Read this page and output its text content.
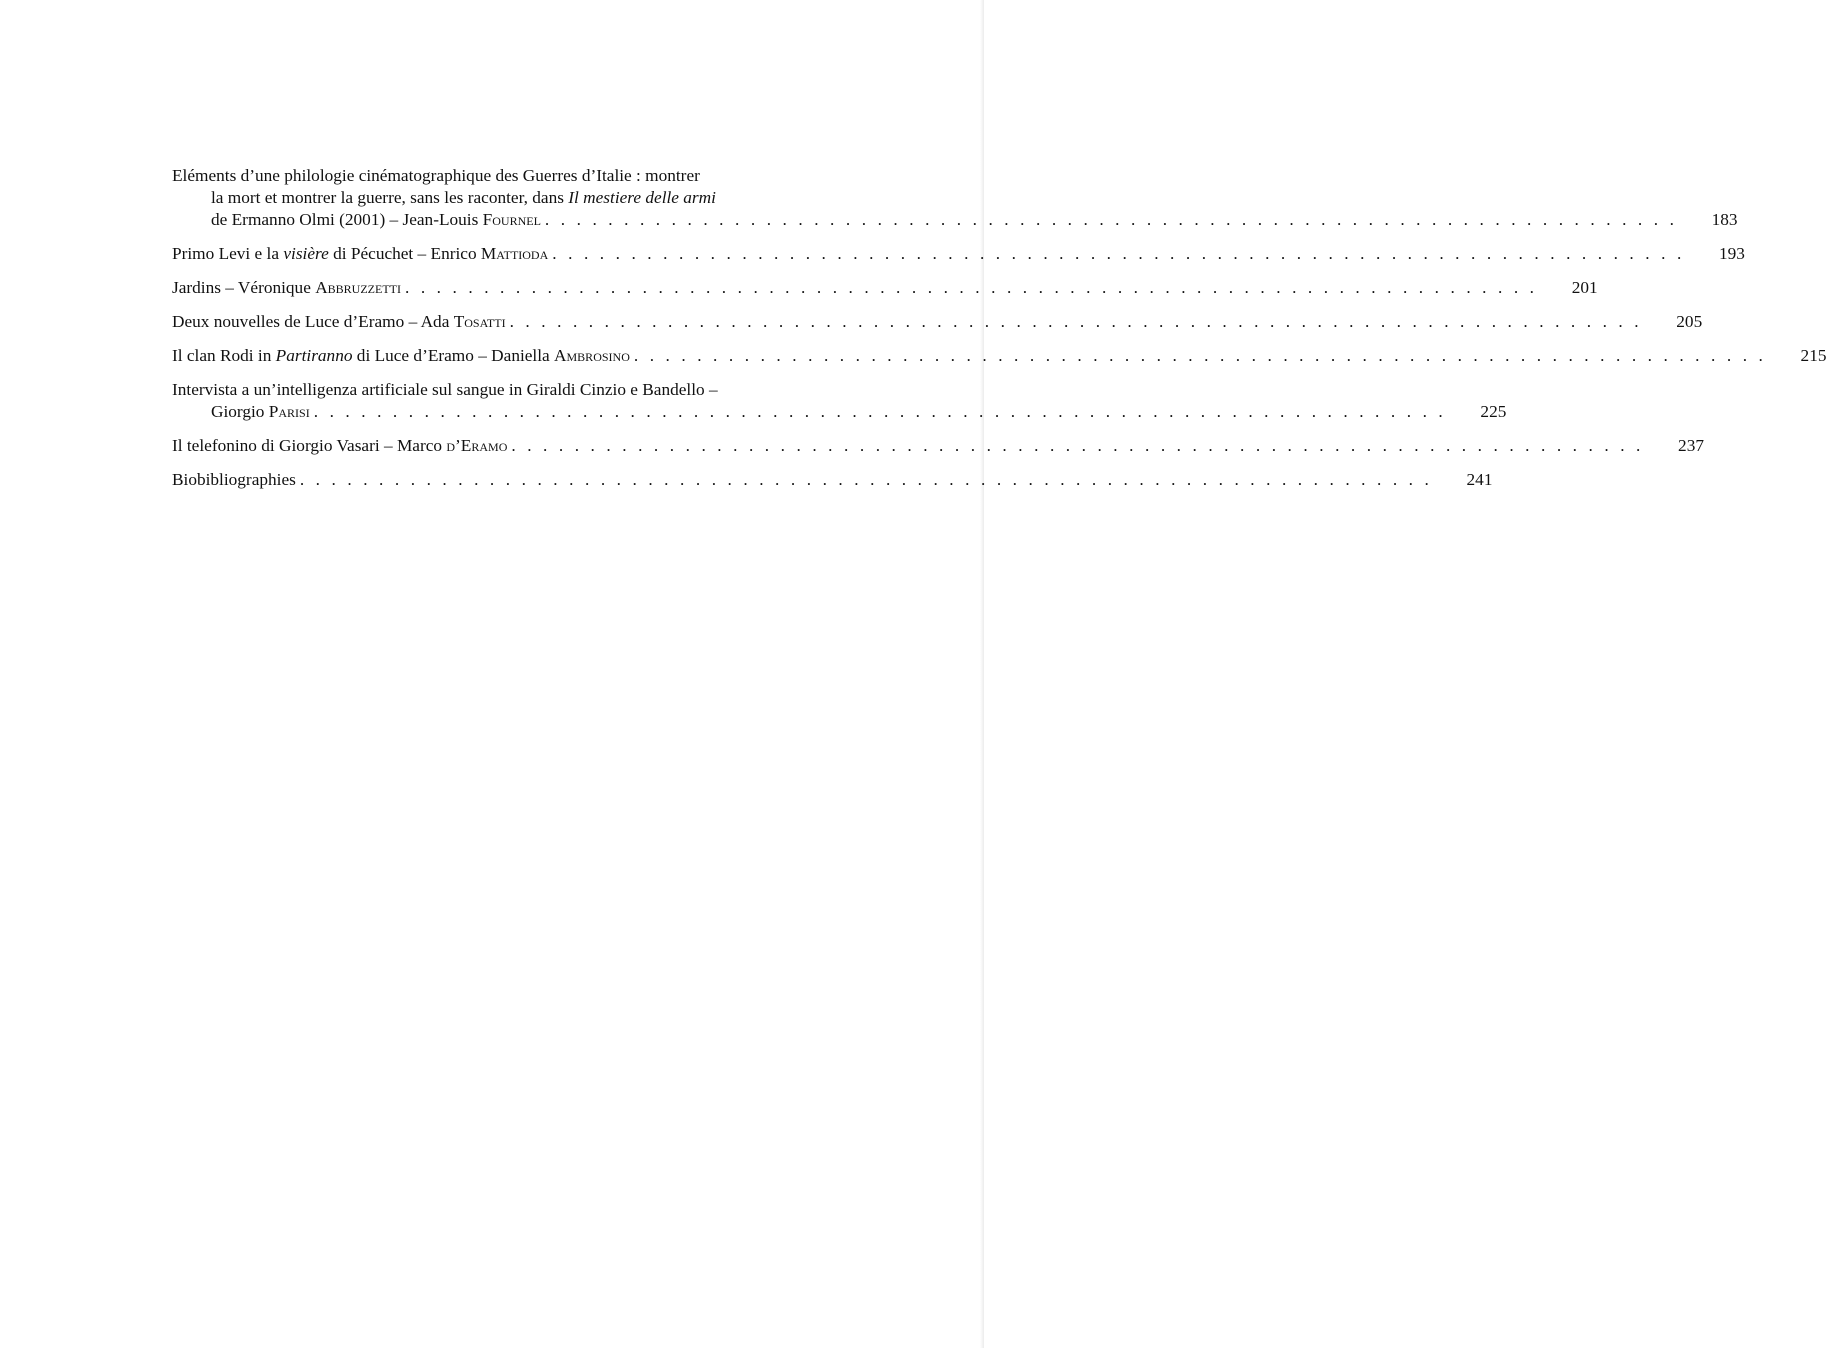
Eléments d’une philologie cinématographique des Guerres d’Italie : montrer
la mort et montrer la guerre, sans les raconter, dans Il mestiere delle armi
de Ermanno Olmi (2001) – Jean-Louis Fournel . . . . . . . . . . . . . . . . . . . . . . . . . . . . . . . . . . . . . . . . . . . . . . . . . . . . . . . . . . . . . . . . . . . . . . . .	183
Primo Levi e la visière di Pécuchet – Enrico Mattioda . . . . . . . . . . . . . . . . . . . . . . . . . . . . . . . . . . . . . . . . . . . . . . . . . . . . . . . . . . . . . . . . . . . . . . . .	193
Jardins – Véronique Abbruzzetti . . . . . . . . . . . . . . . . . . . . . . . . . . . . . . . . . . . . . . . . . . . . . . . . . . . . . . . . . . . . . . . . . . . . . . . .	201
Deux nouvelles de Luce d’Eramo – Ada Tosatti . . . . . . . . . . . . . . . . . . . . . . . . . . . . . . . . . . . . . . . . . . . . . . . . . . . . . . . . . . . . . . . . . . . . . . . .	205
Il clan Rodi in Partiranno di Luce d’Eramo – Daniella Ambrosino . . . . . . . . . . . . . . . . . . . . . . . . . . . . . . . . . . . . . . . . . . . . . . . . . . . . . . . . . . . . . . . . . . . . . . . .	215
Intervista a un’intelligenza artificiale sul sangue in Giraldi Cinzio e Bandello –
Giorgio Parisi . . . . . . . . . . . . . . . . . . . . . . . . . . . . . . . . . . . . . . . . . . . . . . . . . . . . . . . . . . . . . . . . . . . . . . . .	225
Il telefonino di Giorgio Vasari – Marco d’Eramo . . . . . . . . . . . . . . . . . . . . . . . . . . . . . . . . . . . . . . . . . . . . . . . . . . . . . . . . . . . . . . . . . . . . . . . .	237
Biobibliographies . . . . . . . . . . . . . . . . . . . . . . . . . . . . . . . . . . . . . . . . . . . . . . . . . . . . . . . . . . . . . . . . . . . . . . . .	241
